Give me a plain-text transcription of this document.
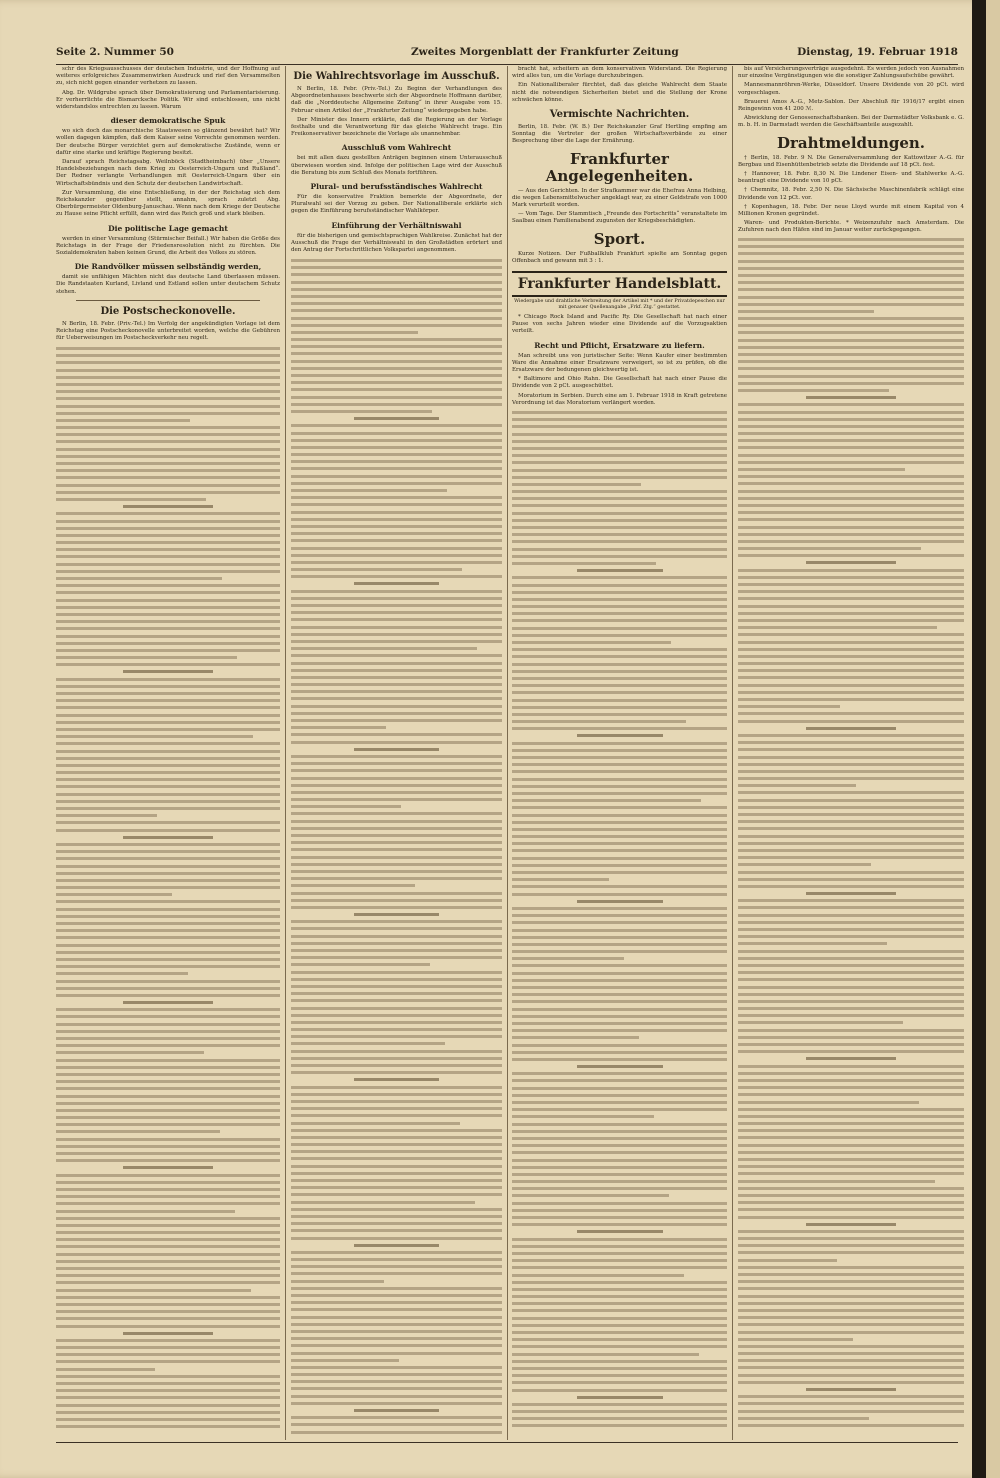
Seite 2. Nummer 50	Zweites Morgenblatt der Frankfurter Zeitung	Dienstag, 19. Februar 1918

schr des Kriegsausschusses der deutschen Industrie, und der Hoffnung auf weiteres erfolgreiches Zusammenwirken Ausdruck und rief den Versammelten zu, sich nicht gegen einander verhetzen zu lassen.

Abg. Dr. Wildgrube sprach über Demokratisierung und Parlamentarisierung. Er verherrlichte die Bismarcksche Politik. Wir sind entschlossen, uns nicht widerstandslos entrechten zu lassen. Warum

dieser demokratische Spuk

wo sich doch das monarchische Staatswesen so glänzend bewährt hat? Wir wollen dagegen kämpfen, daß dem Kaiser seine Vorrechte genommen werden. Der deutsche Bürger verzichtet gern auf demokratische Zustände, wenn er dafür eine starke und kräftige Regierung besitzt.

Darauf sprach Reichstagsabg. Weilnböck (Stadtheimbach) über „Unsere Handelsbeziehungen nach dem Krieg zu Oesterreich-Ungarn und Rußland“. Der Redner verlangte Verhandlungen mit Oesterreich-Ungarn über ein Wirtschaftsbündnis und den Schutz der deutschen Landwirtschaft.

Zur Versammlung, die eine Entschließung, in der der Reichstag sich dem Reichskanzler gegenüber stellt, annahm, sprach zuletzt Abg. Oberbürgermeister Oldenburg-Januschau. Wenn nach dem Kriege der Deutsche zu Hause seine Pflicht erfüllt, dann wird das Reich groß und stark bleiben.

Die politische Lage gemacht

werden in einer Versammlung (Stürmischer Beifall.) Wir haben die Größe des Reichstags in der Frage der Friedensresolution nicht zu fürchten. Die Sozialdemokraten haben keinen Grund, die Arbeit des Volkes zu stören.

Die Randvölker müssen selbständig werden,

damit sie unfähigen Mächten nicht das deutsche Land überlassen müssen. Die Randstaaten Kurland, Livland und Estland sollen unter deutschem Schutz stehen.

Die Postscheckonovelle.

N Berlin, 18. Febr. (Priv.-Tel.) Im Verfolg der angekündigten Vorlage ist dem Reichstag eine Postscheckonovelle unterbreitet worden, welche die Gebühren für Ueberweisungen im Postscheckverkehr neu regelt.

Die Wahlrechtsvorlage im Ausschuß.

N Berlin, 18. Febr. (Priv.-Tel.) Zu Beginn der Verhandlungen des Abgeordnetenhauses beschwerte sich der Abgeordnete Hoffmann darüber, daß die „Norddeutsche Allgemeine Zeitung“ in ihrer Ausgabe vom 15. Februar einen Artikel der „Frankfurter Zeitung“ wiedergegeben habe.

Der Minister des Innern erklärte, daß die Regierung an der Vorlage festhalte und die Verantwortung für das gleiche Wahlrecht trage. Ein Freikonservativer bezeichnete die Vorlage als unannehmbar.

Ausschluß vom Wahlrecht

bei mit allen dazu gestellten Anträgen beginnen einem Unterausschuß überwiesen worden sind. Infolge der politischen Lage wird der Ausschuß die Beratung bis zum Schluß des Monats fortführen.

Plural- und berufsständisches Wahlrecht

Für die konservative Fraktion bemerkte der Abgeordnete, der Pluralwahl sei der Vorzug zu geben. Der Nationalliberale erklärte sich gegen die Einführung berufsständischer Wahlkörper.

Einführung der Verhältniswahl

für die bisherigen und gemischtsprachigen Wahlkreise. Zunächst hat der Ausschuß die Frage der Verhältniswahl in den Großstädten erörtert und den Antrag der Fortschrittlichen Volkspartei angenommen.

bracht hat, scheitern an dem konservativen Widerstand. Die Regierung wird alles tun, um die Vorlage durchzubringen.

Ein Nationalliberaler fürchtet, daß das gleiche Wahlrecht dem Staate nicht die notwendigen Sicherheiten bietet und die Stellung der Krone schwächen könne.

Vermischte Nachrichten.

Berlin, 18. Febr. (W. B.) Der Reichskanzler Graf Hertling empfing am Sonntag die Vertreter der großen Wirtschaftsverbände zu einer Besprechung über die Lage der Ernährung.

Frankfurter Angelegenheiten.

— Aus den Gerichten. In der Strafkammer war die Ehefrau Anna Helbing, die wegen Lebensmittelwucher angeklagt war, zu einer Geldstrafe von 1000 Mark verurteilt worden.

— Vom Tage. Der Stammtisch „Freunde des Fortschritts“ veranstaltete im Saalbau einen Familienabend zugunsten der Kriegsbeschädigten.

Sport.

Kurze Notizen. Der Fußballklub Frankfurt spielte am Sonntag gegen Offenbach und gewann mit 3 : 1.

Frankfurter Handelsblatt.
Wiedergabe und drahtliche Verbreitung der Artikel mit * und der Privatdepeschen nur mit genauer Quellenangabe „Frkf. Ztg.“ gestattet.

* Chicago Rock Island and Pacific Ry. Die Gesellschaft hat nach einer Pause von sechs Jahren wieder eine Dividende auf die Vorzugsaktien verteilt.

Recht und Pflicht, Ersatzware zu liefern.

Man schreibt uns von juristischer Seite: Wenn Kaufer einer bestimmten Ware die Annahme einer Ersatzware verweigert, so ist zu prüfen, ob die Ersatzware der bedungenen gleichwertig ist.

* Baltimore and Ohio Rahn. Die Gesellschaft hat nach einer Pause die Dividende von 2 pCt. ausgeschüttet.

Moratorium in Serbien. Durch eine am 1. Februar 1918 in Kraft getretene Verordnung ist das Moratorium verlängert worden.

bis auf Versicherungsverträge ausgedehnt. Es werden jedoch von Ausnahmen nur einzelne Vergünstigungen wie die sonstiger Zahlungsaufschübe gewährt.

Mannesmannröhren-Werke, Düsseldorf. Unsere Dividende von 20 pCt. wird vorgeschlagen.

Brauerei Amos A.-G., Metz-Sablon. Der Abschluß für 1916/17 ergibt einen Reingewinn von 41 200 ℳ.

Abwicklung der Genossenschaftsbanken. Bei der Darmstädter Volksbank e. G. m. b. H. in Darmstadt werden die Geschäftsanteile ausgezahlt.

Drahtmeldungen.

† Berlin, 18. Febr. 9 N. Die Generalversammlung der Kattowitzer A.-G. für Bergbau und Eisenhüttenbetrieb setzte die Dividende auf 18 pCt. fest.

† Hannover, 18. Febr. 8,30 N. Die Lindener Eisen- und Stahlwerke A.-G. beantragt eine Dividende von 10 pCt.

† Chemnitz, 18. Febr. 2,50 N. Die Sächsische Maschinenfabrik schlägt eine Dividende von 12 pCt. vor.

† Kopenhagen, 18. Febr. Der neue Lloyd wurde mit einem Kapital von 4 Millionen Kronen gegründet.

Waren- und Produkten-Berichte. * Weizenzufuhr nach Amsterdam. Die Zufuhren nach den Häfen sind im Januar weiter zurückgegangen.
